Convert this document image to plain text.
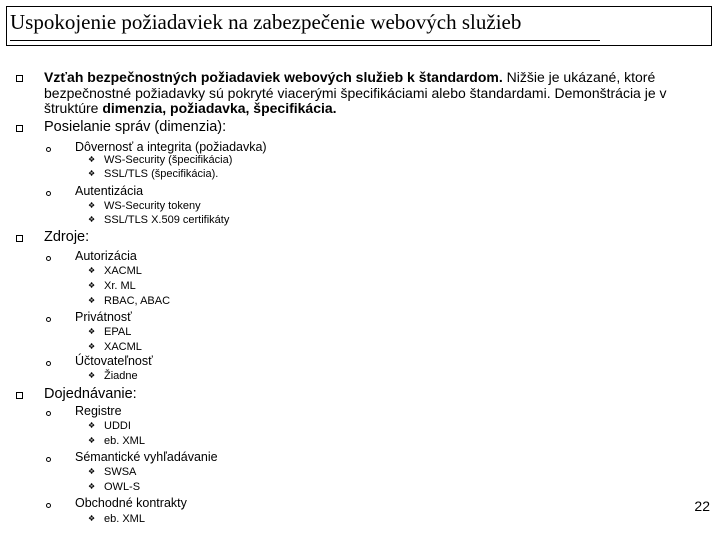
Uspokojenie požiadaviek na zabezpečenie webových služieb
Vzťah bezpečnostných požiadaviek webových služieb k štandardom. Nižšie je ukázané, ktoré bezpečnostné požiadavky sú pokryté viacerými špecifikáciami alebo štandardami. Demonštrácia je v štruktúre dimenzia, požiadavka, špecifikácia.
Posielanie správ (dimenzia):
Dôvernosť a integrita (požiadavka)
❖ WS-Security (špecifikácia)
❖ SSL/TLS (špecifikácia).
Autentizácia
❖ WS-Security tokeny
❖ SSL/TLS X.509 certifikáty
Zdroje:
Autorizácia
❖ XACML
❖ Xr. ML
❖ RBAC, ABAC
Privátnosť
❖ EPAL
❖ XACML
Účtovateľnosť
❖ Žiadne
Dojednávanie:
Registre
❖ UDDI
❖ eb. XML
Sémantické vyhľadávanie
❖ SWSA
❖ OWL-S
Obchodné kontrakty
❖ eb. XML
22
